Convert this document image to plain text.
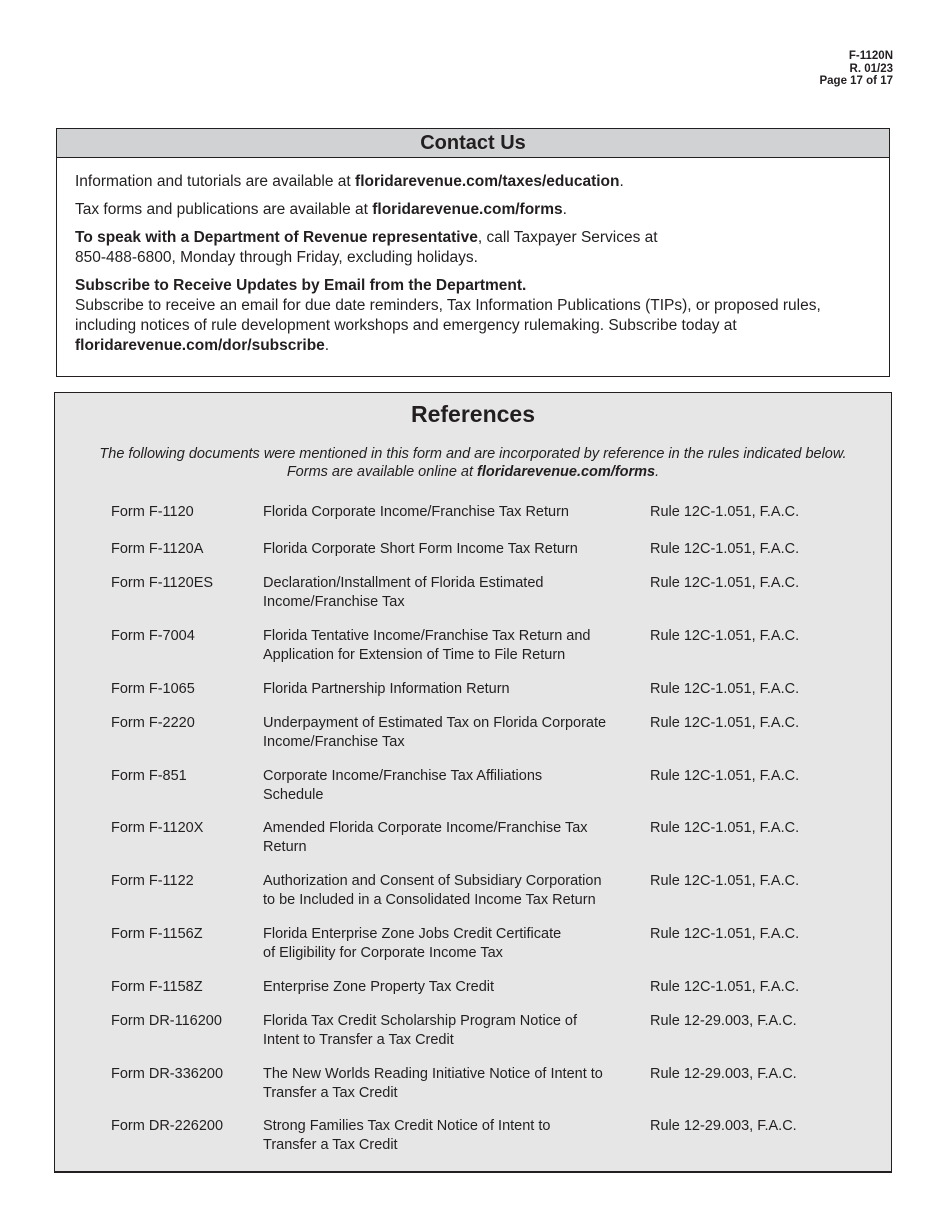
F-1120N
R. 01/23
Page 17 of 17
Contact Us

Information and tutorials are available at floridarevenue.com/taxes/education.

Tax forms and publications are available at floridarevenue.com/forms.

To speak with a Department of Revenue representative, call Taxpayer Services at
850-488-6800, Monday through Friday, excluding holidays.

Subscribe to Receive Updates by Email from the Department.
Subscribe to receive an email for due date reminders, Tax Information Publications (TIPs), or proposed rules, including notices of rule development workshops and emergency rulemaking. Subscribe today at floridarevenue.com/dor/subscribe.

References
The following documents were mentioned in this form and are incorporated by reference in the rules indicated below.
Forms are available online at floridarevenue.com/forms.
Form F-1120	Florida Corporate Income/Franchise Tax Return	Rule 12C-1.051, F.A.C.
Form F-1120A	Florida Corporate Short Form Income Tax Return	Rule 12C-1.051, F.A.C.
Form F-1120ES	Declaration/Installment of Florida Estimated
Income/Franchise Tax
Rule 12C-1.051, F.A.C.
Form F-7004	Florida Tentative Income/Franchise Tax Return and
Application for Extension of Time to File Return
Rule 12C-1.051, F.A.C.
Form F-1065	Florida Partnership Information Return	Rule 12C-1.051, F.A.C.
Form F-2220	Underpayment of Estimated Tax on Florida Corporate
Income/Franchise Tax
Rule 12C-1.051, F.A.C.
Form F-851	Corporate Income/Franchise Tax Affiliations
Schedule
Rule 12C-1.051, F.A.C.
Form F-1120X	Amended Florida Corporate Income/Franchise Tax
Return
Rule 12C-1.051, F.A.C.
Form F-1122	Authorization and Consent of Subsidiary Corporation
to be Included in a Consolidated Income Tax Return
Rule 12C-1.051, F.A.C.
Form F-1156Z	Florida Enterprise Zone Jobs Credit Certificate
of Eligibility for Corporate Income Tax
Rule 12C-1.051, F.A.C.
Form F-1158Z	Enterprise Zone Property Tax Credit	Rule 12C-1.051, F.A.C.
Form DR-116200	Florida Tax Credit Scholarship Program Notice of
Intent to Transfer a Tax Credit
Rule 12-29.003, F.A.C.
Form DR-336200	The New Worlds Reading Initiative Notice of Intent to
Transfer a Tax Credit
Rule 12-29.003, F.A.C.
Form DR-226200	Strong Families Tax Credit Notice of Intent to
Transfer a Tax Credit
Rule 12-29.003, F.A.C.
